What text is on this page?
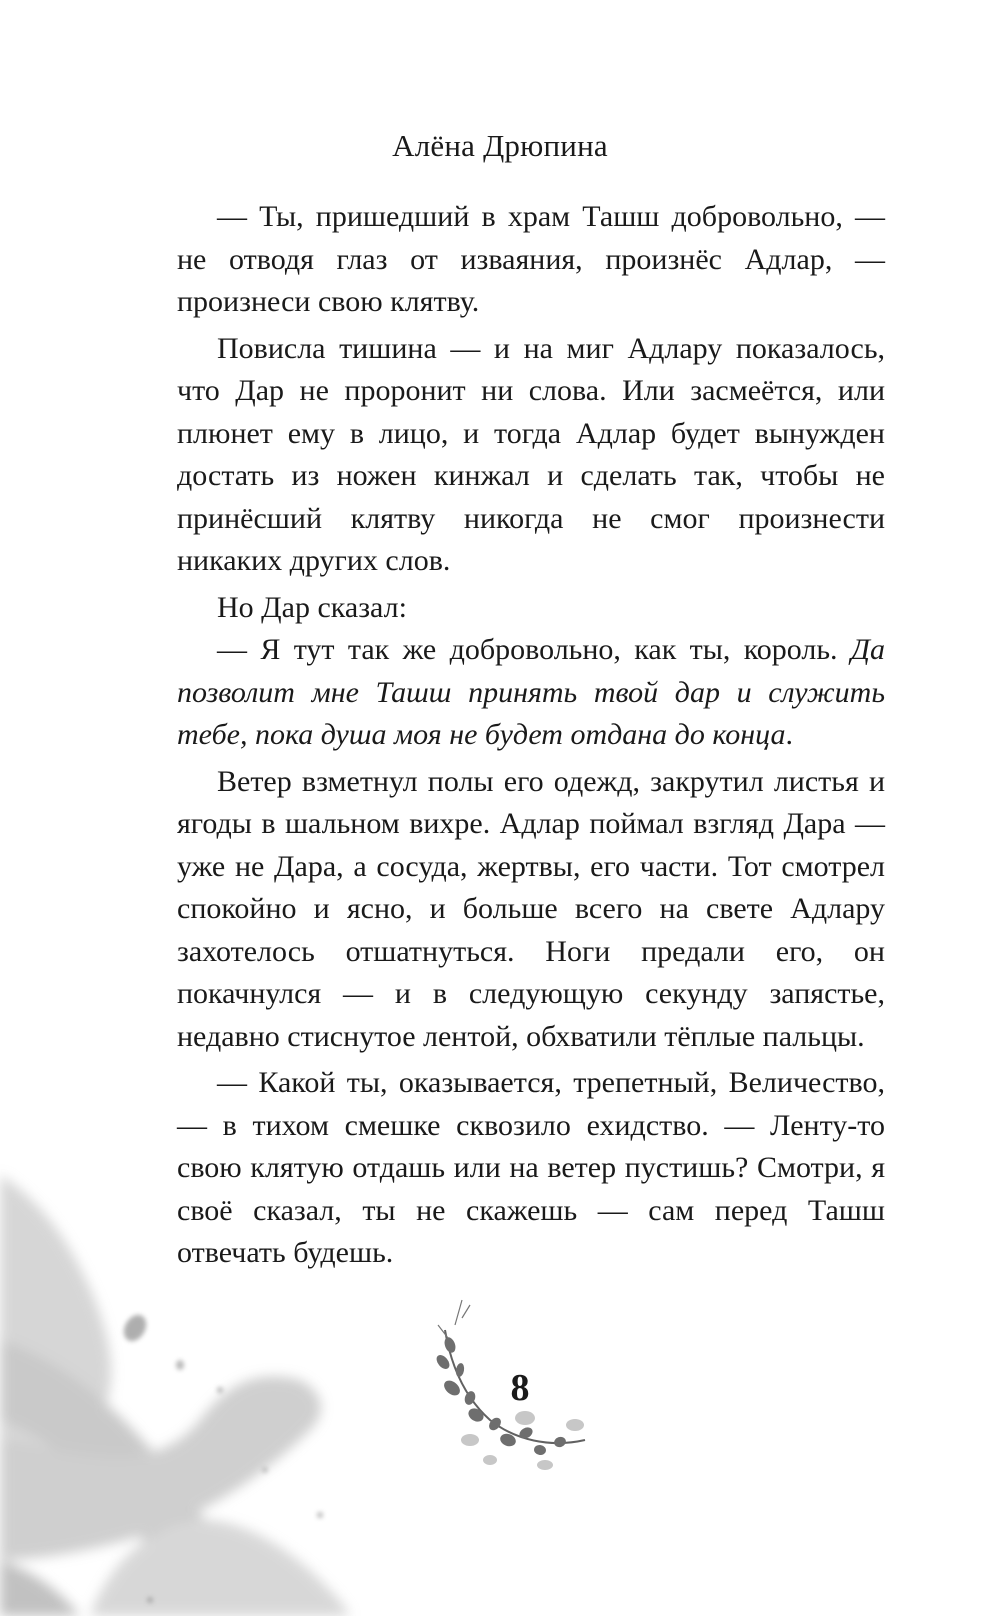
Алёна Дрюпина

— Ты, пришедший в храм Ташш добровольно, — не отводя глаз от изваяния, произнёс Адлар, — произнеси свою клятву.

Повисла тишина — и на миг Адлару показалось, что Дар не проронит ни слова. Или засмеётся, или плюнет ему в лицо, и тогда Адлар будет вынужден достать из ножен кинжал и сделать так, чтобы не принёсший клятву никогда не смог произнести никаких других слов.

Но Дар сказал:

— Я тут так же добровольно, как ты, король. Да позволит мне Ташш принять твой дар и служить тебе, пока душа моя не будет отдана до конца.

Ветер взметнул полы его одежд, закрутил листья и ягоды в шальном вихре. Адлар поймал взгляд Дара — уже не Дара, а сосуда, жертвы, его части. Тот смотрел спокойно и ясно, и больше всего на свете Адлару захотелось отшатнуться. Ноги предали его, он покачнулся — и в следующую секунду запястье, недавно стиснутое лентой, обхватили тёплые пальцы.

— Какой ты, оказывается, трепетный, Величество, — в тихом смешке сквозило ехидство. — Ленту-то свою клятую отдашь или на ветер пустишь? Смотри, я своё сказал, ты не скажешь — сам перед Ташш отвечать будешь.

8
